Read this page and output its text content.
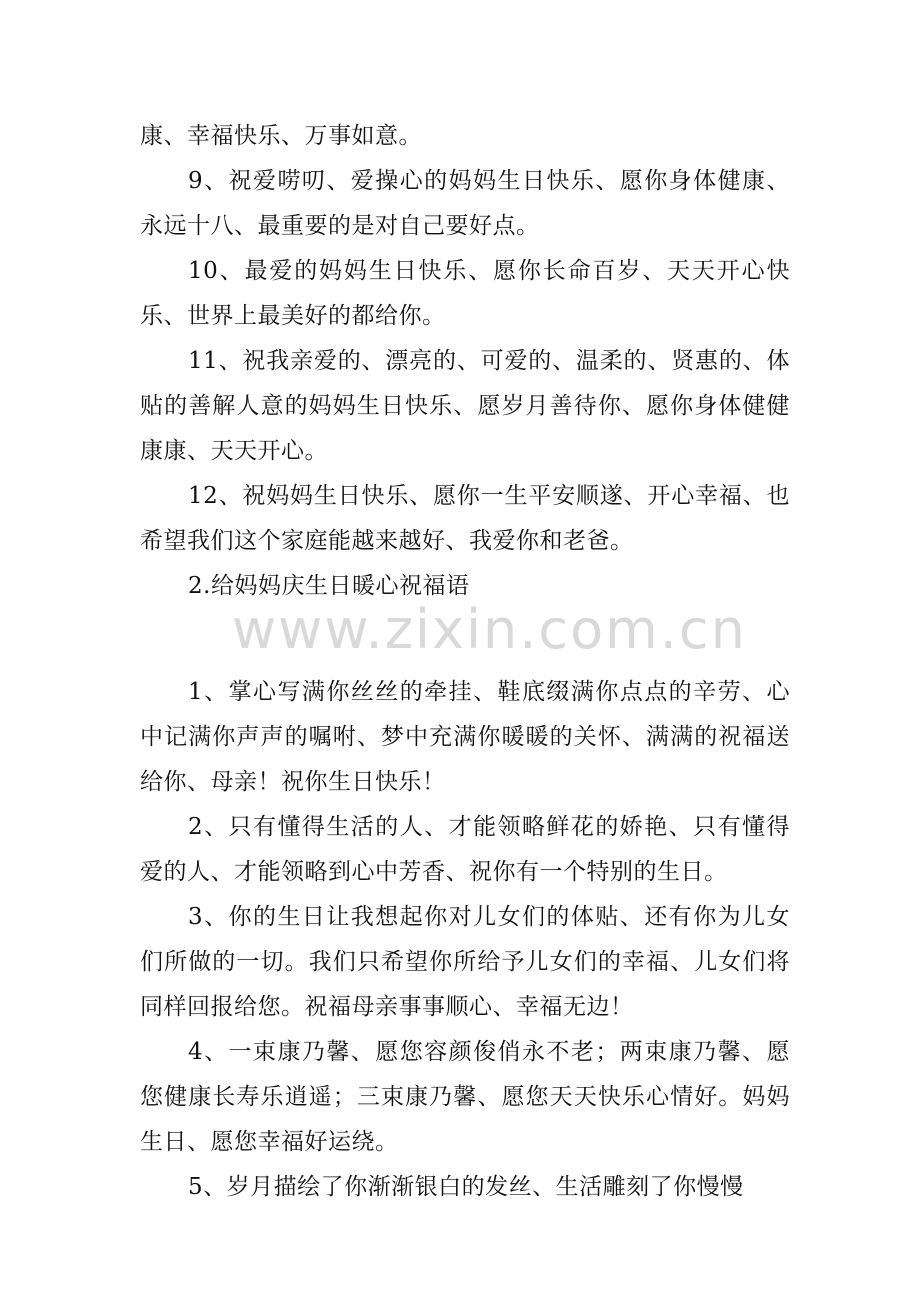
www.zixin.com.cn

康、幸福快乐、万事如意。

9、祝爱唠叨、爱操心的妈妈生日快乐、愿你身体健康、永远十八、最重要的是对自己要好点。

10、最爱的妈妈生日快乐、愿你长命百岁、天天开心快乐、世界上最美好的都给你。

11、祝我亲爱的、漂亮的、可爱的、温柔的、贤惠的、体贴的善解人意的妈妈生日快乐、愿岁月善待你、愿你身体健健康康、天天开心。

12、祝妈妈生日快乐、愿你一生平安顺遂、开心幸福、也希望我们这个家庭能越来越好、我爱你和老爸。

2.给妈妈庆生日暖心祝福语

1、掌心写满你丝丝的牵挂、鞋底缀满你点点的辛劳、心中记满你声声的嘱咐、梦中充满你暖暖的关怀、满满的祝福送给你、母亲！祝你生日快乐！

2、只有懂得生活的人、才能领略鲜花的娇艳、只有懂得爱的人、才能领略到心中芳香、祝你有一个特别的生日。

3、你的生日让我想起你对儿女们的体贴、还有你为儿女们所做的一切。我们只希望你所给予儿女们的幸福、儿女们将同样回报给您。祝福母亲事事顺心、幸福无边！

4、一束康乃馨、愿您容颜俊俏永不老；两束康乃馨、愿您健康长寿乐逍遥；三束康乃馨、愿您天天快乐心情好。妈妈生日、愿您幸福好运绕。

5、岁月描绘了你渐渐银白的发丝、生活雕刻了你慢慢
